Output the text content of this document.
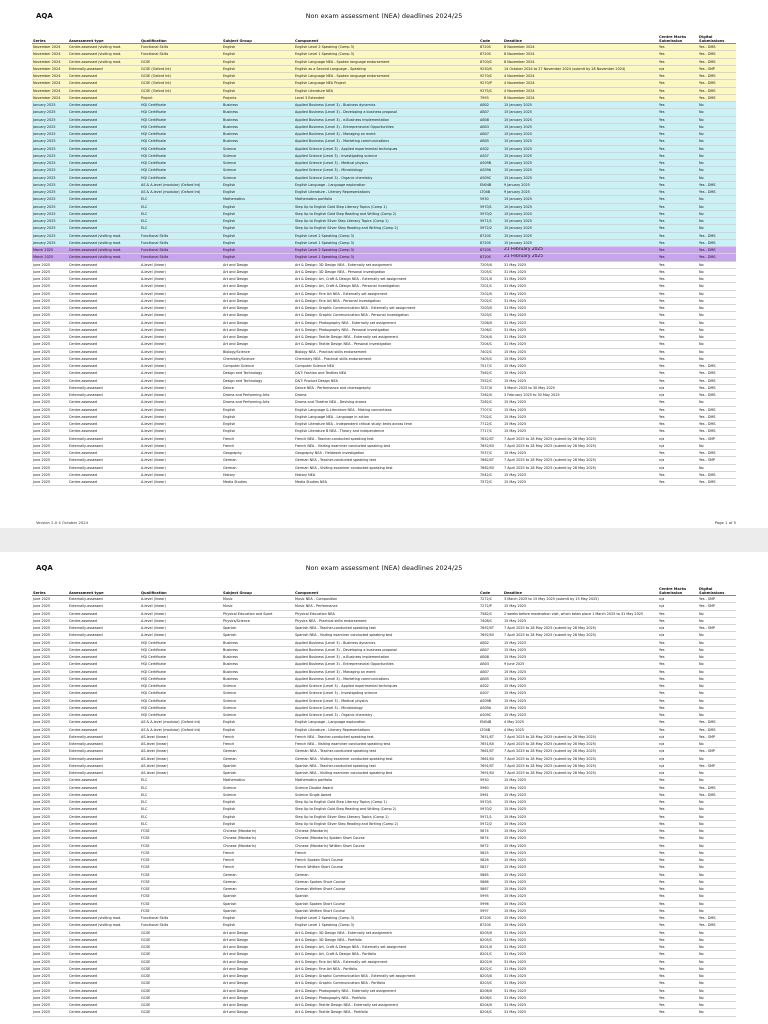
AQA	Non exam assessment (NEA) deadlines 2024/25
Series	Assessment type	Qualification	Subject Group	Component	Code	Deadline	Centre Marks Submission	Digital Submissions
November 2024	Centre-assessed (visiting mod.	Functional Skills	English	English Level 2 Speaking (Comp 3)	8720S	8 November 2024	Yes	Yes - DMS
November 2024	Centre-assessed (visiting mod.	Functional Skills	English	English Level 1 Speaking (Comp 3)	8720S	8 November 2024	Yes	Yes - DMS
November 2024	Centre-assessed (visiting mod.	GCSE	English	English Language NEA - Spoken language endorsement	8700/C	8 November 2024	Yes	Yes - DMS
November 2024	Externally-assessed	GCSE (Oxford Int)	English	English as a Second Language - Speaking	9230/S	14 October 2024 to 27 November 2024 (submit by 28 November 2024)	n/a	Yes - SMP
November 2024	Centre-assessed	GCSE (Oxford Int)	English	English Language NEA - Spoken language endorsement	9270/C	4 November 2024	Yes	Yes - DMS
November 2024	Centre-assessed	GCSE (Oxford Int)	English	English Language NEA Project	9270/P	4 November 2024	Yes	Yes - DMS
November 2024	Centre-assessed	GCSE (Oxford Int)	English	English Literature NEA	9275/C	4 November 2024	Yes	Yes - DMS
November 2024	Centre-assessed	Project	Projects	Level 3 Extended	7993	8 November 2024	Yes	Yes - DMS
January 2025	Centre-assessed	HQI Certificate	Business	Applied Business (Level 3) - Business dynamics	AB02	15 January 2025	Yes	No
January 2025	Centre-assessed	HQI Certificate	Business	Applied Business (Level 3) - Developing a business proposal	AB07	15 January 2025	Yes	No
January 2025	Centre-assessed	HQI Certificate	Business	Applied Business (Level 3) - e-Business implementation	AB08	15 January 2025	Yes	No
January 2025	Centre-assessed	HQI Certificate	Business	Applied Business (Level 3) - Entrepreneurial Opportunities	AB03	15 January 2025	Yes	No
January 2025	Centre-assessed	HQI Certificate	Business	Applied Business (Level 3) - Managing an event	AB07	15 January 2025	Yes	No
January 2025	Centre-assessed	HQI Certificate	Business	Applied Business (Level 3) - Marketing communications	AB05	15 January 2025	Yes	No
January 2025	Centre-assessed	HQI Certificate	Science	Applied Science (Level 3) - Applied experimental techniques	AS02	15 January 2025	Yes	No
January 2025	Centre-assessed	HQI Certificate	Science	Applied Science (Level 3) - Investigating science	AS07	15 January 2025	Yes	No
January 2025	Centre-assessed	HQI Certificate	Science	Applied Science (Level 3) - Medical physics	AS09B	15 January 2025	Yes	No
January 2025	Centre-assessed	HQI Certificate	Science	Applied Science (Level 3) - Microbiology	AS09A	15 January 2025	Yes	No
January 2025	Centre-assessed	HQI Certificate	Science	Applied Science (Level 3) - Organic chemistry	AS09C	15 January 2025	Yes	No
January 2025	Centre-assessed	AS & A-level (modular) (Oxford Int)	English	English Language - Language exploration	EN04B	9 January 2025	Yes	Yes - DMS
January 2025	Centre-assessed	AS & A-level (modular) (Oxford Int)	English	English Literature - Literary Representations	LT04B	9 January 2025	Yes	Yes - DMS
January 2025	Centre-assessed	ELC	Mathematics	Mathematics portfolio	5930	15 January 2025	Yes	No
January 2025	Centre-assessed	ELC	English	Step Up to English Gold Step Literacy Topics (Comp 1)	5970/1	10 January 2025	Yes	No
January 2025	Centre-assessed	ELC	English	Step Up to English Gold Step Reading and Writing (Comp 2)	5970/2	15 January 2025	Yes	No
January 2025	Centre-assessed	ELC	English	Step Up to English Silver Step Literacy Topics (Comp 1)	5971/1	15 January 2025	Yes	No
January 2025	Centre-assessed	ELC	English	Step Up to English Silver Step Reading and Writing (Comp 2)	5972/2	15 January 2025	Yes	No
January 2025	Centre-assessed (visiting mod.	Functional Skills	English	English Level 2 Speaking (Comp 3)	8720S	15 January 2025	Yes	Yes - DMS
January 2025	Centre-assessed (visiting mod.	Functional Skills	English	English Level 1 Speaking (Comp 3)	8720S	15 January 2025	Yes	Yes - DMS
March 2025	Centre-assessed (visiting mod.	Functional Skills	English	English Level 2 Speaking (Comp 3)	8720S	21 February 2025	Yes	Yes - DMS
March 2025	Centre-assessed (visiting mod.	Functional Skills	English	English Level 1 Speaking (Comp 3)	8720S	21 February 2025	Yes	Yes - DMS
June 2025	Centre-assessed	A-level (linear)	Art and Design	Art & Design: 3D Design NEA - Externally set assignment	7205/X	31 May 2025	Yes	No
June 2025	Centre-assessed	A-level (linear)	Art and Design	Art & Design: 3D Design NEA - Personal investigation	7205/C	31 May 2025	Yes	No
June 2025	Centre-assessed	A-level (linear)	Art and Design	Art & Design: Art, Craft & Design NEA - Externally set assignment	7201/X	31 May 2025	Yes	No
June 2025	Centre-assessed	A-level (linear)	Art and Design	Art & Design: Art, Craft & Design NEA - Personal investigation	7201/C	31 May 2025	Yes	No
June 2025	Centre-assessed	A-level (linear)	Art and Design	Art & Design: Fine Art NEA - Externally set assignment	7202/X	31 May 2025	Yes	No
June 2025	Centre-assessed	A-level (linear)	Art and Design	Art & Design: Fine Art NEA - Personal investigation	7202/C	31 May 2025	Yes	No
June 2025	Centre-assessed	A-level (linear)	Art and Design	Art & Design: Graphic Communication NEA - Externally set assignment	7203/X	31 May 2025	Yes	No
June 2025	Centre-assessed	A-level (linear)	Art and Design	Art & Design: Graphic Communication NEA - Personal investigation	7203/C	31 May 2025	Yes	No
June 2025	Centre-assessed	A-level (linear)	Art and Design	Art & Design: Photography NEA - Externally set assignment	7206/X	31 May 2025	Yes	No
June 2025	Centre-assessed	A-level (linear)	Art and Design	Art & Design: Photography NEA - Personal investigation	7206/C	31 May 2025	Yes	No
June 2025	Centre-assessed	A-level (linear)	Art and Design	Art & Design: Textile Design NEA - Externally set assignment	7204/X	31 May 2025	Yes	No
June 2025	Centre-assessed	A-level (linear)	Art and Design	Art & Design: Textile Design NEA - Personal investigation	7204/C	31 May 2025	Yes	No
June 2025	Centre-assessed	A-level (linear)	Biology/Science	Biology NEA - Practical skills endorsement	7402/C	15 May 2025	Yes	No
June 2025	Centre-assessed	A-level (linear)	Chemistry/Science	Chemistry NEA - Practical skills endorsement	7405/C	15 May 2025	Yes	No
June 2025	Centre-assessed	A-level (linear)	Computer Science	Computer Science NEA	7517/C	15 May 2025	Yes	Yes - DMS
June 2025	Centre-assessed	A-level (linear)	Design and Technology	D&T: Fashion and Textiles NEA	7562/C	15 May 2025	Yes	Yes - DMS
June 2025	Centre-assessed	A-level (linear)	Design and Technology	D&T: Product Design NEA	7552/C	15 May 2025	Yes	Yes - DMS
June 2025	Externally-assessed	A-level (linear)	Dance	Dance NEA - Performance and choreography	7237/X	3 March 2025 to 30 May 2025	n/a	Yes - DMS
June 2025	Externally-assessed	A-level (linear)	Drama and Performing Arts	Drama	7262/X	3 February 2025 to 30 May 2025	n/a	Yes - DMS
June 2025	Centre-assessed	A-level (linear)	Drama and Performing Arts	Drama and Theatre NEA - Devising drama	7262/C	15 May 2025	Yes	No
June 2025	Centre-assessed	A-level (linear)	English	English Language & Literature NEA - Making connections	7707/C	15 May 2025	Yes	Yes - DMS
June 2025	Centre-assessed	A-level (linear)	English	English Language NEA - Language in action	7702/C	15 May 2025	Yes	Yes - DMS
June 2025	Centre-assessed	A-level (linear)	English	English Literature NEA - Independent critical study: texts across time	7712/C	15 May 2025	Yes	Yes - DMS
June 2025	Centre-assessed	A-level (linear)	English	English Literature B NEA - Theory and independence	7717/C	15 May 2025	Yes	Yes - DMS
June 2025	Externally-assessed	A-level (linear)	French	French NEA - Teacher-conducted speaking test	7652/ST	7 April 2025 to 28 May 2025 (submit by 28 May 2025)	n/a	Yes - SMP
June 2025	Externally-assessed	A-level (linear)	French	French NEA - Visiting examiner conducted speaking test	7652/SV	7 April 2025 to 28 May 2025 (submit by 28 May 2025)	n/a	No
June 2025	Centre-assessed	A-level (linear)	Geography	Geography NEA - Fieldwork investigation	7037/C	15 May 2025	Yes	Yes - DMS
June 2025	Externally-assessed	A-level (linear)	German	German NEA - Teacher-conducted speaking test	7662/ST	7 April 2025 to 28 May 2025 (submit by 28 May 2025)	n/a	Yes - SMP
June 2025	Externally-assessed	A-level (linear)	German	German NEA - Visiting examiner conducted speaking test	7662/SV	7 April 2025 to 28 May 2025 (submit by 28 May 2025)	n/a	No
June 2025	Centre-assessed	A-level (linear)	History	History NEA	7042/C	15 May 2025	Yes	Yes - DMS
June 2025	Centre-assessed	A-level (linear)	Media Studies	Media Studies NEA	7572/C	15 May 2025	Yes	Yes - DMS
Version 2.0 4 October 2024	Page 1 of 5
AQA	Non exam assessment (NEA) deadlines 2024/25
Series	Assessment type	Qualification	Subject Group	Component	Code	Deadline	Centre Marks Submission	Digital Submissions
June 2025	Externally-assessed	A-level (linear)	Music	Music NEA - Composition	7272/C	3 March 2025 to 15 May 2025 (submit by 15 May 2025)	n/a	Yes - SMP
June 2025	Externally-assessed	A-level (linear)	Music	Music NEA - Performance	7272/P	15 May 2025	n/a	Yes - SMP
June 2025	Centre-assessed	A-level (linear)	Physical Education and Sport	Physical Education NEA	7582/C	2 weeks before moderation visit, which takes place 1 March 2025 to 31 May 2025	Yes	No
June 2025	Centre-assessed	A-level (linear)	Physics/Science	Physics NEA - Practical skills endorsement	7408/C	15 May 2025	Yes	No
June 2025	Externally-assessed	A-level (linear)	Spanish	Spanish NEA - Teacher-conducted speaking test	7692/ST	7 April 2025 to 28 May 2025 (submit by 28 May 2025)	n/a	Yes - SMP
June 2025	Externally-assessed	A-level (linear)	Spanish	Spanish NEA - Visiting examiner conducted speaking test	7692/SV	7 April 2025 to 28 May 2025 (submit by 28 May 2025)	n/a	No
June 2025	Centre-assessed	HQI Certificate	Business	Applied Business (Level 3) - Business dynamics	AB02	15 May 2025	Yes	No
June 2025	Centre-assessed	HQI Certificate	Business	Applied Business (Level 3) - Developing a business proposal	AB07	15 May 2025	Yes	No
June 2025	Centre-assessed	HQI Certificate	Business	Applied Business (Level 3) - e-Business implementation	AB08	15 May 2025	Yes	No
June 2025	Centre-assessed	HQI Certificate	Business	Applied Business (Level 3) - Entrepreneurial Opportunities	AB03	9 June 2025	Yes	No
June 2025	Centre-assessed	HQI Certificate	Business	Applied Business (Level 3) - Managing an event	AB07	15 May 2025	Yes	No
June 2025	Centre-assessed	HQI Certificate	Business	Applied Business (Level 3) - Marketing communications	AB05	15 May 2025	Yes	No
June 2025	Centre-assessed	HQI Certificate	Science	Applied Science (Level 3) - Applied experimental techniques	AS02	15 May 2025	Yes	No
June 2025	Centre-assessed	HQI Certificate	Science	Applied Science (Level 3) - Investigating science	AS07	15 May 2025	Yes	No
June 2025	Centre-assessed	HQI Certificate	Science	Applied Science (Level 3) - Medical physics	AS09B	15 May 2025	Yes	No
June 2025	Centre-assessed	HQI Certificate	Science	Applied Science (Level 3) - Microbiology	AS09A	15 May 2025	Yes	No
June 2025	Centre-assessed	HQI Certificate	Science	Applied Science (Level 3) - Organic chemistry	AS09C	15 May 2025	Yes	No
June 2025	Centre-assessed	AS & A-level (modular) (Oxford Int)	English	English Language - Language exploration	EN04B	4 May 2025	Yes	Yes - DMS
June 2025	Centre-assessed	AS & A-level (modular) (Oxford Int)	English	English Literature - Literary Representations	LT04B	4 May 2025	Yes	Yes - DMS
June 2025	Externally-assessed	AS-level (linear)	French	French NEA - Teacher-conducted speaking test	7651/ST	7 April 2025 to 28 May 2025 (submit by 28 May 2025)	n/a	Yes - SMP
June 2025	Externally-assessed	AS-level (linear)	French	French NEA - Visiting examiner conducted speaking test	7651/SV	7 April 2025 to 28 May 2025 (submit by 28 May 2025)	n/a	No
June 2025	Externally-assessed	AS-level (linear)	German	German NEA - Teacher-conducted speaking test	7661/ST	7 April 2025 to 28 May 2025 (submit by 28 May 2025)	n/a	Yes - SMP
June 2025	Externally-assessed	AS-level (linear)	German	German NEA - Visiting examiner conducted speaking test	7661/SV	7 April 2025 to 28 May 2025 (submit by 28 May 2025)	n/a	No
June 2025	Externally-assessed	AS-level (linear)	Spanish	Spanish NEA - Teacher-conducted speaking test	7691/ST	7 April 2025 to 28 May 2025 (submit by 28 May 2025)	n/a	Yes - SMP
June 2025	Externally-assessed	AS-level (linear)	Spanish	Spanish NEA - Visiting examiner conducted speaking test	7691/SV	7 April 2025 to 28 May 2025 (submit by 28 May 2025)	n/a	No
June 2025	Centre-assessed	ELC	Mathematics	Mathematics portfolio	5930	15 May 2025	Yes	No
June 2025	Centre-assessed	ELC	Science	Science Double Award	5960	15 May 2025	Yes	Yes - DMS
June 2025	Centre-assessed	ELC	Science	Science Single Award	5961	15 May 2025	Yes	Yes - DMS
June 2025	Centre-assessed	ELC	English	Step Up to English Gold Step Literacy Topics (Comp 1)	5970/1	15 May 2025	Yes	No
June 2025	Centre-assessed	ELC	English	Step Up to English Gold Step Reading and Writing (Comp 2)	5970/2	15 May 2025	Yes	No
June 2025	Centre-assessed	ELC	English	Step Up to English Silver Step Literacy Topics (Comp 1)	5971/1	15 May 2025	Yes	No
June 2025	Centre-assessed	ELC	English	Step Up to English Silver Step Reading and Writing (Comp 2)	5972/2	15 May 2025	Yes	No
June 2025	Centre-assessed	FCSE	Chinese (Mandarin)	Chinese (Mandarin)	5674	15 May 2025	Yes	No
June 2025	Centre-assessed	FCSE	Chinese (Mandarin)	Chinese (Mandarin) Spoken Short Course	5674	15 May 2025	Yes	No
June 2025	Centre-assessed	FCSE	Chinese (Mandarin)	Chinese (Mandarin) Written Short Course	5672	15 May 2025	Yes	No
June 2025	Centre-assessed	FCSE	French	French	5825	15 May 2025	Yes	No
June 2025	Centre-assessed	FCSE	French	French Spoken Short Course	5826	15 May 2025	Yes	No
June 2025	Centre-assessed	FCSE	French	French Written Short Course	5827	15 May 2025	Yes	No
June 2025	Centre-assessed	FCSE	German	German	5865	15 May 2025	Yes	No
June 2025	Centre-assessed	FCSE	German	German Spoken Short Course	5866	15 May 2025	Yes	No
June 2025	Centre-assessed	FCSE	German	German Written Short Course	5867	15 May 2025	Yes	No
June 2025	Centre-assessed	FCSE	Spanish	Spanish	5995	15 May 2025	Yes	No
June 2025	Centre-assessed	FCSE	Spanish	Spanish Spoken Short Course	5996	15 May 2025	Yes	No
June 2025	Centre-assessed	FCSE	Spanish	Spanish Written Short Course	5997	15 May 2025	Yes	No
June 2025	Centre-assessed (visiting mod.	Functional Skills	English	English Level 2 Speaking (Comp 3)	8720S	15 May 2025	Yes	Yes - DMS
June 2025	Centre-assessed (visiting mod.	Functional Skills	English	English Level 1 Speaking (Comp 3)	8720S	15 May 2025	Yes	Yes - DMS
June 2025	Centre-assessed	GCSE	Art and Design	Art & Design: 3D Design NEA - Externally set assignment	8205/X	31 May 2025	Yes	No
June 2025	Centre-assessed	GCSE	Art and Design	Art & Design: 3D Design NEA - Portfolio	8205/C	31 May 2025	Yes	No
June 2025	Centre-assessed	GCSE	Art and Design	Art & Design: Art, Craft & Design NEA - Externally set assignment	8201/X	31 May 2025	Yes	No
June 2025	Centre-assessed	GCSE	Art and Design	Art & Design: Art, Craft & Design NEA - Portfolio	8201/C	31 May 2025	Yes	No
June 2025	Centre-assessed	GCSE	Art and Design	Art & Design: Fine Art NEA - Externally set assignment	8202/X	31 May 2025	Yes	No
June 2025	Centre-assessed	GCSE	Art and Design	Art & Design: Fine Art NEA - Portfolio	8202/C	31 May 2025	Yes	No
June 2025	Centre-assessed	GCSE	Art and Design	Art & Design: Graphic Communication NEA - Externally set assignment	8203/X	31 May 2025	Yes	No
June 2025	Centre-assessed	GCSE	Art and Design	Art & Design: Graphic Communication NEA - Portfolio	8203/C	31 May 2025	Yes	No
June 2025	Centre-assessed	GCSE	Art and Design	Art & Design: Photography NEA - Externally set assignment	8206/X	31 May 2025	Yes	No
June 2025	Centre-assessed	GCSE	Art and Design	Art & Design: Photography NEA - Portfolio	8206/C	31 May 2025	Yes	No
June 2025	Centre-assessed	GCSE	Art and Design	Art & Design: Textile Design NEA - Externally set assignment	8204/X	31 May 2025	Yes	No
June 2025	Centre-assessed	GCSE	Art and Design	Art & Design: Textile Design NEA - Portfolio	8204/C	31 May 2025	Yes	No
